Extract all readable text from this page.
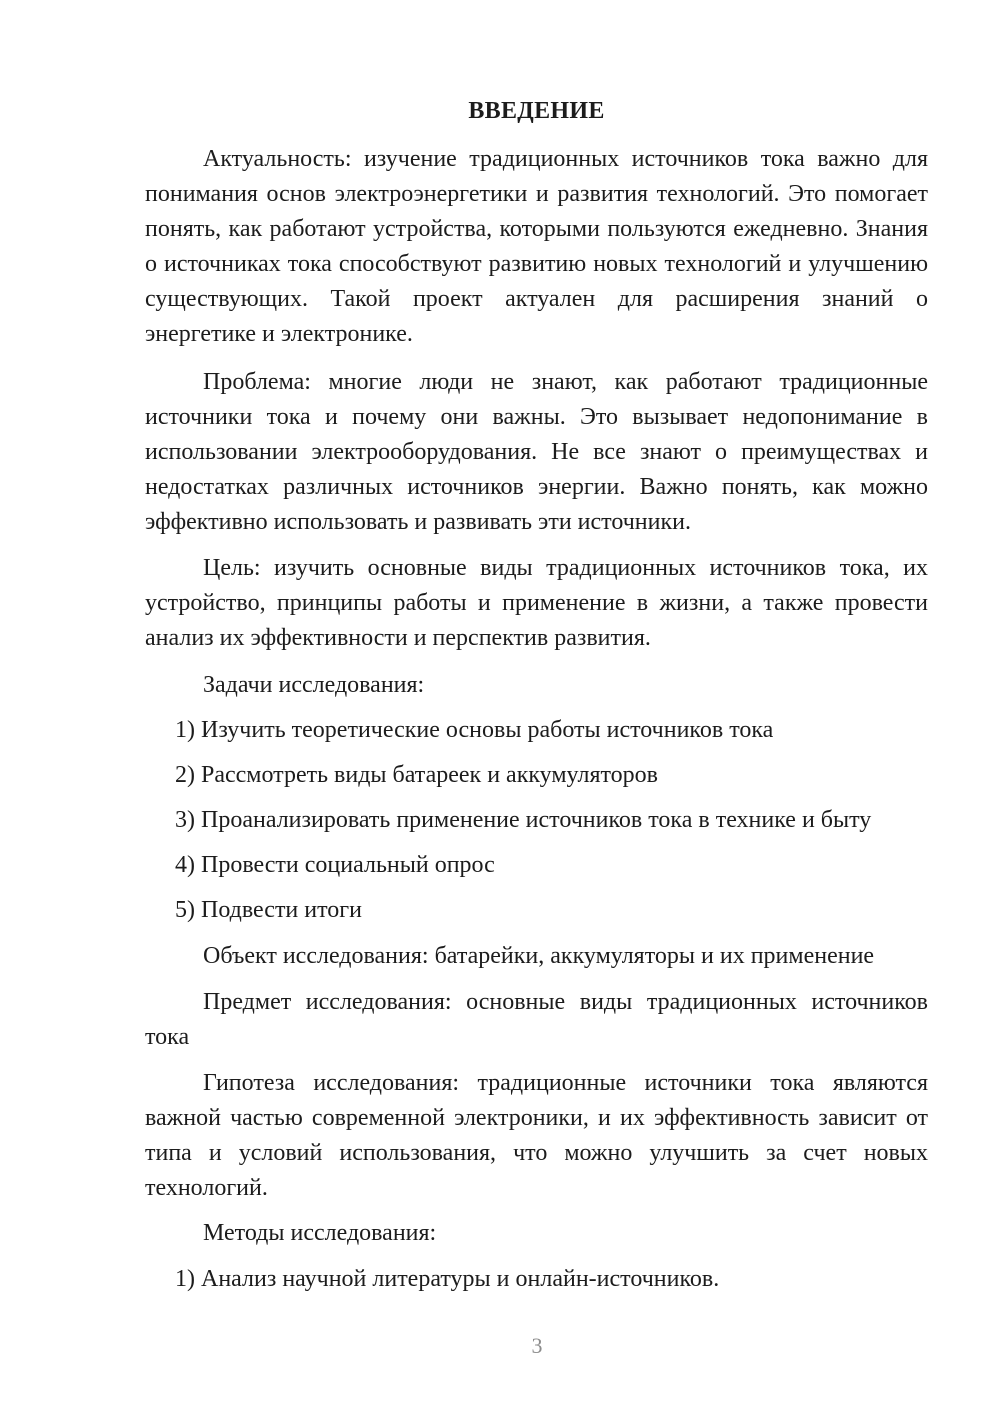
ВВЕДЕНИЕ

Актуальность: изучение традиционных источников тока важно для понимания основ электроэнергетики и развития технологий. Это помогает понять, как работают устройства, которыми пользуются ежедневно. Знания о источниках тока способствуют развитию новых технологий и улучшению существующих. Такой проект актуален для расширения знаний о энергетике и электронике.

Проблема: многие люди не знают, как работают традиционные источники тока и почему они важны. Это вызывает недопонимание в использовании электрооборудования. Не все знают о преимуществах и недостатках различных источников энергии. Важно понять, как можно эффективно использовать и развивать эти источники.

Цель: изучить основные виды традиционных источников тока, их устройство, принципы работы и применение в жизни, а также провести анализ их эффективности и перспектив развития.

Задачи исследования:

1) Изучить теоретические основы работы источников тока
2) Рассмотреть виды батареек и аккумуляторов
3) Проанализировать применение источников тока в технике и быту
4) Провести социальный опрос
5) Подвести итоги

Объект исследования: батарейки, аккумуляторы и их применение

Предмет исследования: основные виды традиционных источников тока

Гипотеза исследования: традиционные источники тока являются важной частью современной электроники, и их эффективность зависит от типа и условий использования, что можно улучшить за счет новых технологий.

Методы исследования:

1) Анализ научной литературы и онлайн-источников.
3
